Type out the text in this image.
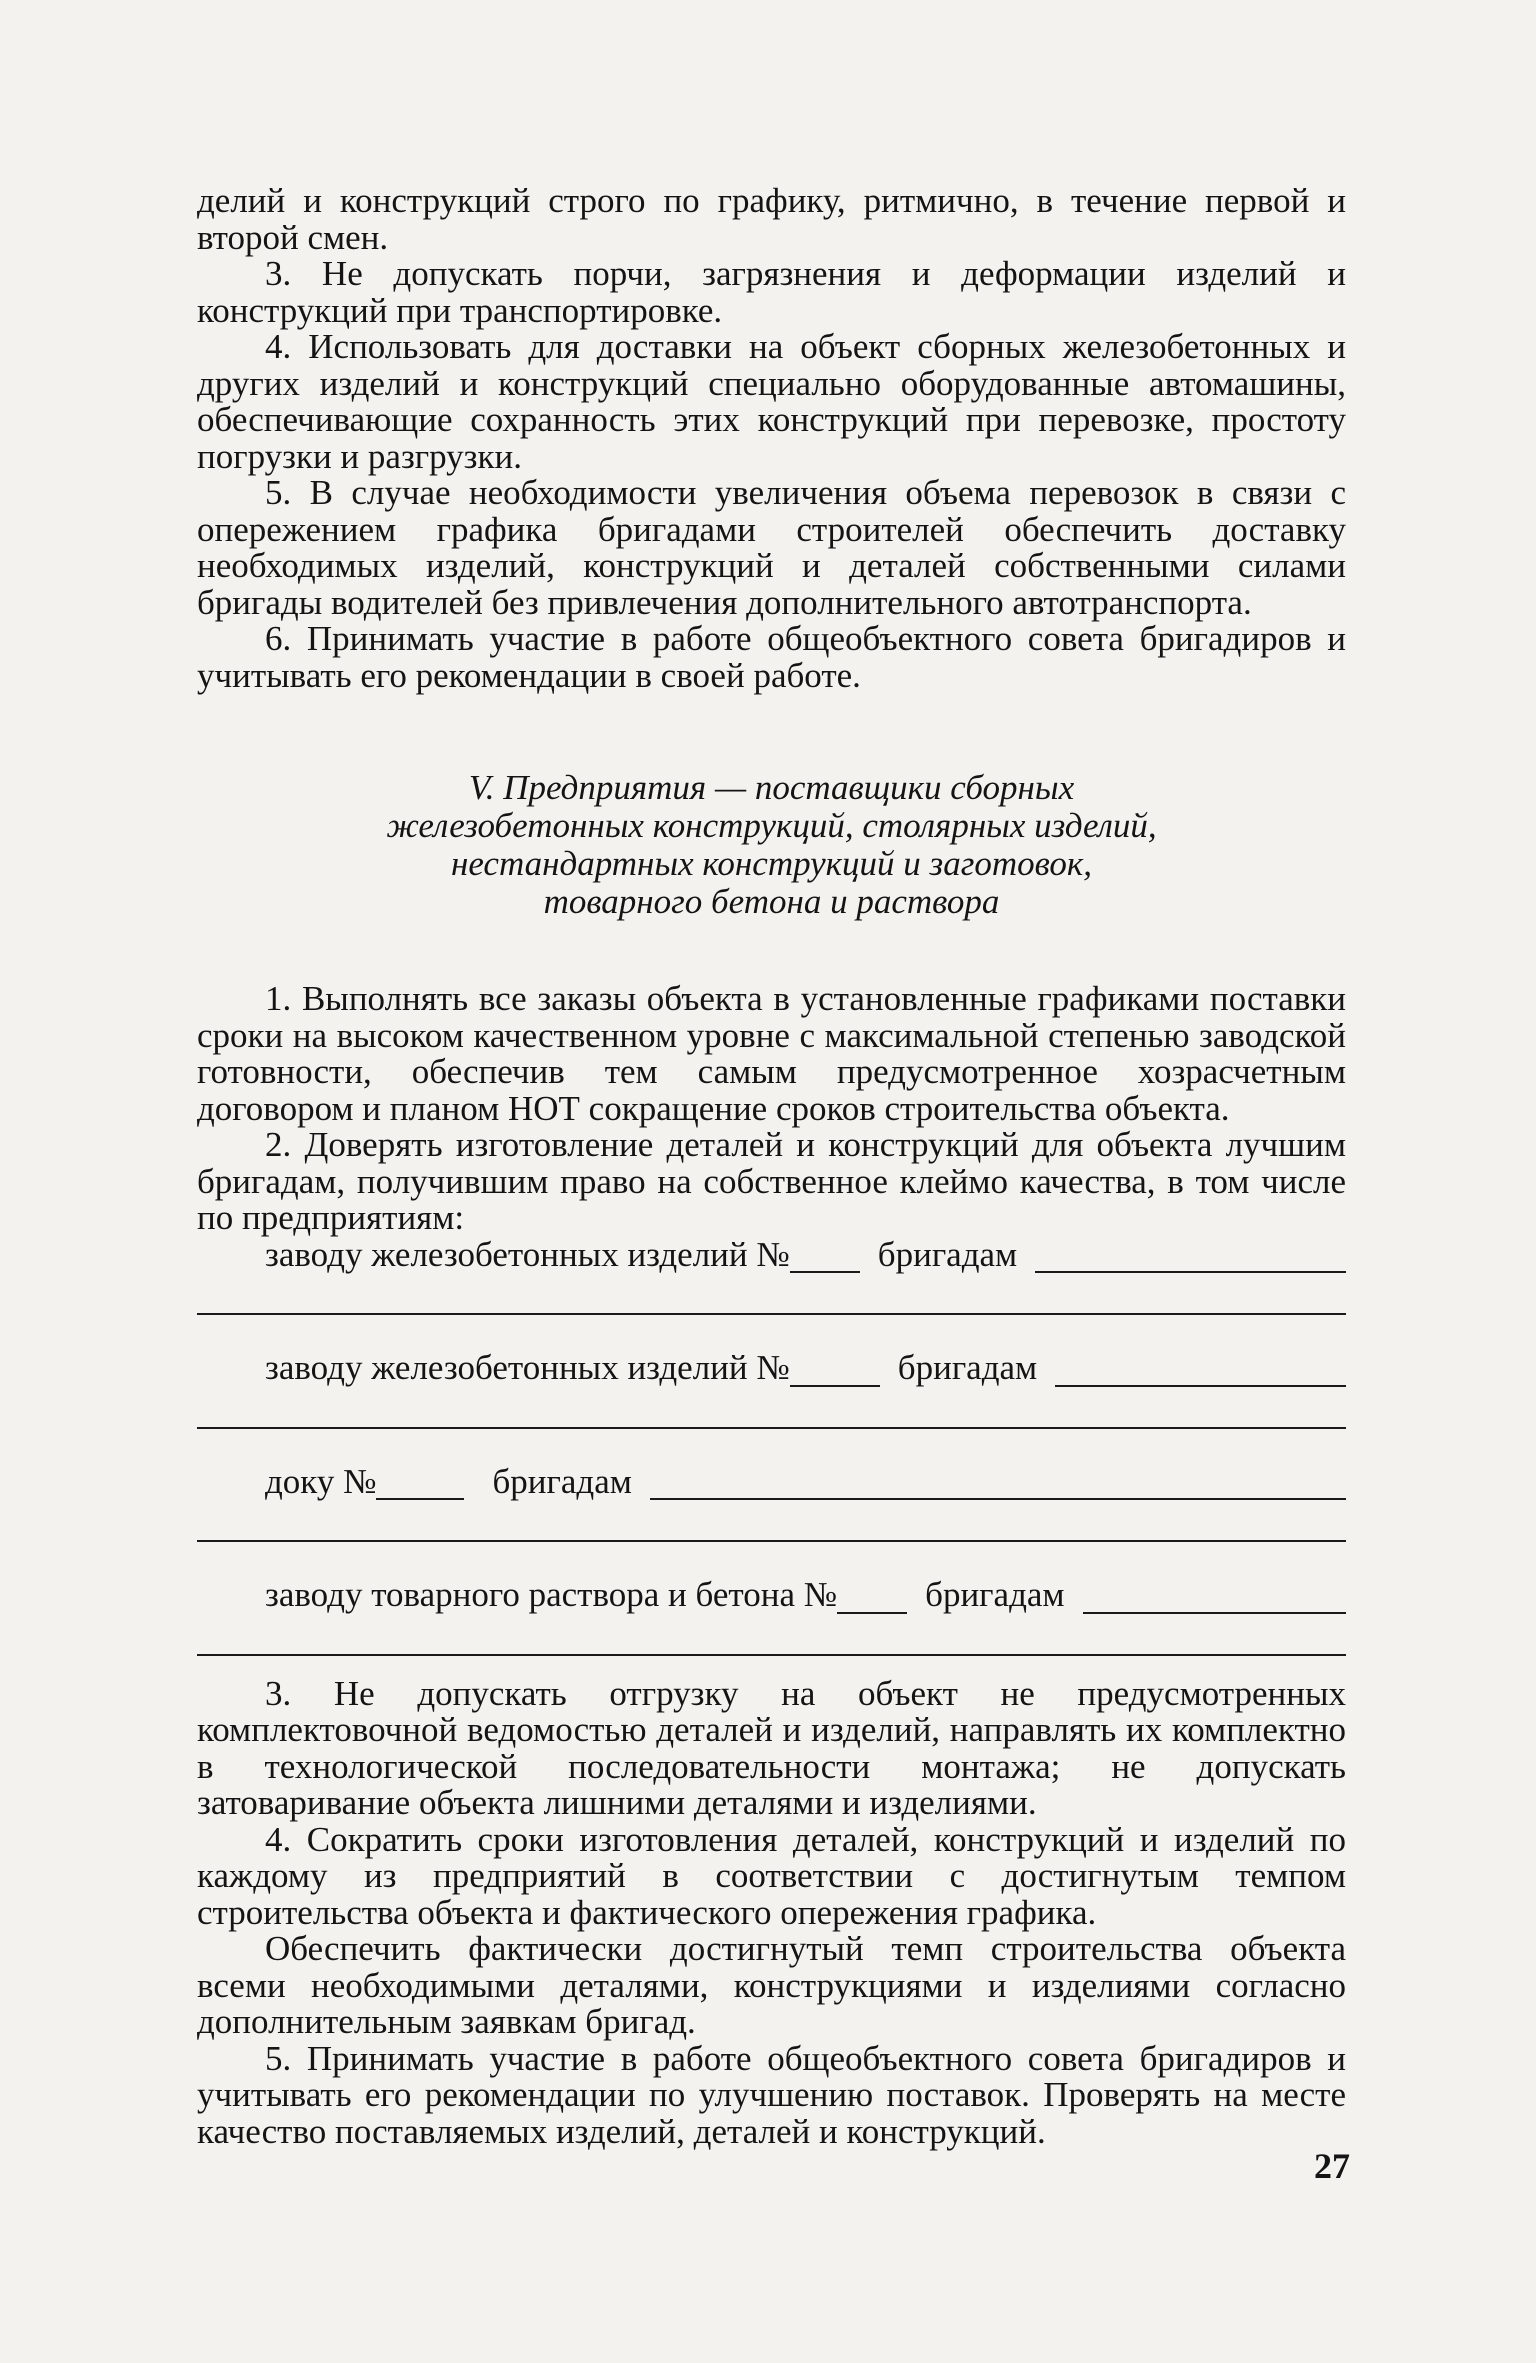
делий и конструкций строго по графику, ритмично, в течение первой и второй смен.

3. Не допускать порчи, загрязнения и деформации изделий и конструкций при транспортировке.

4. Использовать для доставки на объект сборных железобетонных и других изделий и конструкций специально оборудованные автомашины, обеспечивающие сохранность этих конструкций при перевозке, простоту погрузки и разгрузки.

5. В случае необходимости увеличения объема перевозок в связи с опережением графика бригадами строителей обеспечить доставку необходимых изделий, конструкций и деталей собственными силами бригады водителей без привлечения дополнительного автотранспорта.

6. Принимать участие в работе общеобъектного совета бригадиров и учитывать его рекомендации в своей работе.

V. Предприятия — поставщики сборных
железобетонных конструкций, столярных изделий,
нестандартных конструкций и заготовок,
товарного бетона и раствора

1. Выполнять все заказы объекта в установленные графиками поставки сроки на высоком качественном уровне с максимальной степенью заводской готовности, обеспечив тем самым предусмотренное хозрасчетным договором и планом НОТ сокращение сроков строительства объекта.

2. Доверять изготовление деталей и конструкций для объекта лучшим бригадам, получившим право на собственное клеймо качества, в том числе по предприятиям:

заводу железобетонных изделий №	бригадам
заводу железобетонных изделий №	бригадам
доку №	бригадам
заводу товарного раствора и бетона №	бригадам

3. Не допускать отгрузку на объект не предусмотренных комплектовочной ведомостью деталей и изделий, направлять их комплектно в технологической последовательности монтажа; не допускать затоваривание объекта лишними деталями и изделиями.

4. Сократить сроки изготовления деталей, конструкций и изделий по каждому из предприятий в соответствии с достигнутым темпом строительства объекта и фактического опережения графика.

Обеспечить фактически достигнутый темп строительства объекта всеми необходимыми деталями, конструкциями и изделиями согласно дополнительным заявкам бригад.

5. Принимать участие в работе общеобъектного совета бригадиров и учитывать его рекомендации по улучшению поставок. Проверять на месте качество поставляемых изделий, деталей и конструкций.

27
